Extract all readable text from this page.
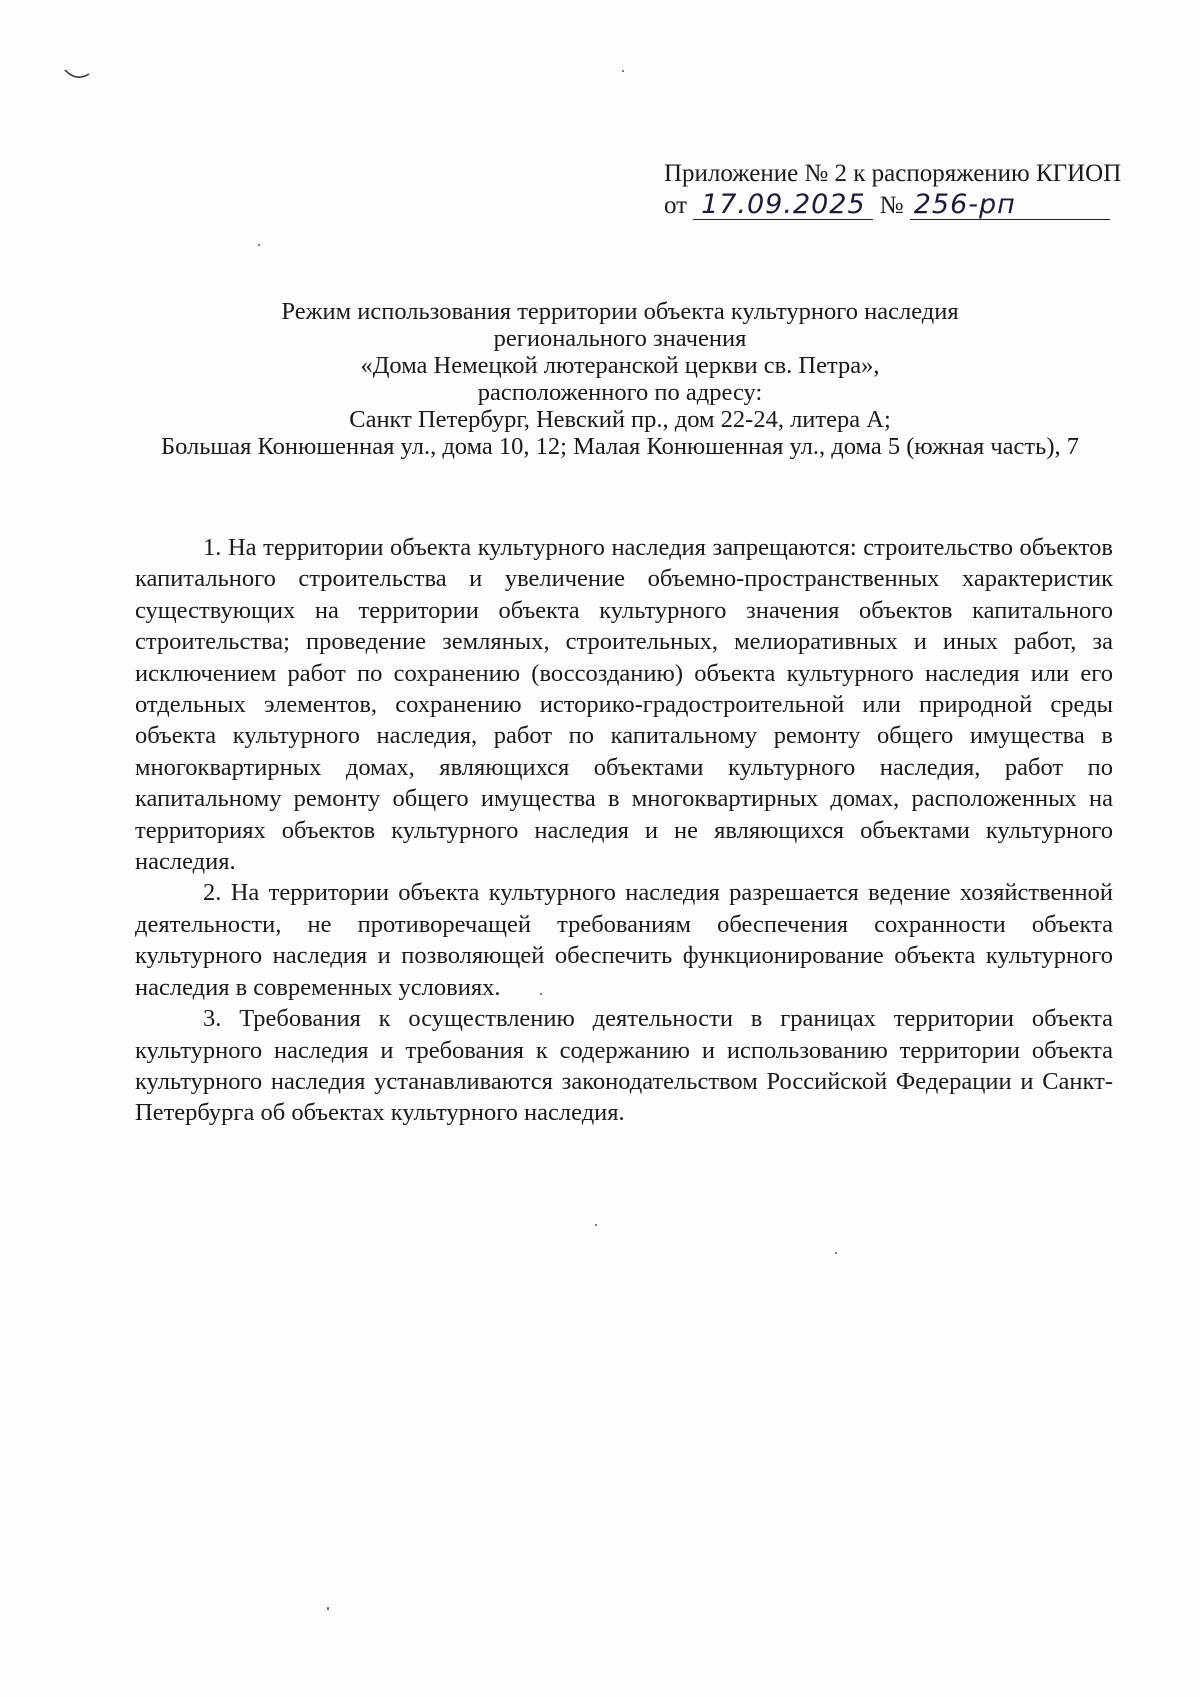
Приложение № 2 к распоряжению КГИОП
от 17.09.2025 № 256-рп
Режим использования территории объекта культурного наследия
регионального значения
«Дома Немецкой лютеранской церкви св. Петра»,
расположенного по адресу:
Санкт Петербург, Невский пр., дом 22-24, литера А;
Большая Конюшенная ул., дома 10, 12; Малая Конюшенная ул., дома 5 (южная часть), 7

1. На территории объекта культурного наследия запрещаются: строительство объектов капитального строительства и увеличение объемно-пространственных характеристик существующих на территории объекта культурного значения объектов капитального строительства; проведение земляных, строительных, мелиоративных и иных работ, за исключением работ по сохранению (воссозданию) объекта культурного наследия или его отдельных элементов, сохранению историко-градостроительной или природной среды объекта культурного наследия, работ по капитальному ремонту общего имущества в многоквартирных домах, являющихся объектами культурного наследия, работ по капитальному ремонту общего имущества в многоквартирных домах, расположенных на территориях объектов культурного наследия и не являющихся объектами культурного наследия.

2. На территории объекта культурного наследия разрешается ведение хозяйственной деятельности, не противоречащей требованиям обеспечения сохранности объекта культурного наследия и позволяющей обеспечить функционирование объекта культурного наследия в современных условиях.

3. Требования к осуществлению деятельности в границах территории объекта культурного наследия и требования к содержанию и использованию территории объекта культурного наследия устанавливаются законодательством Российской Федерации и Санкт-Петербурга об объектах культурного наследия.
